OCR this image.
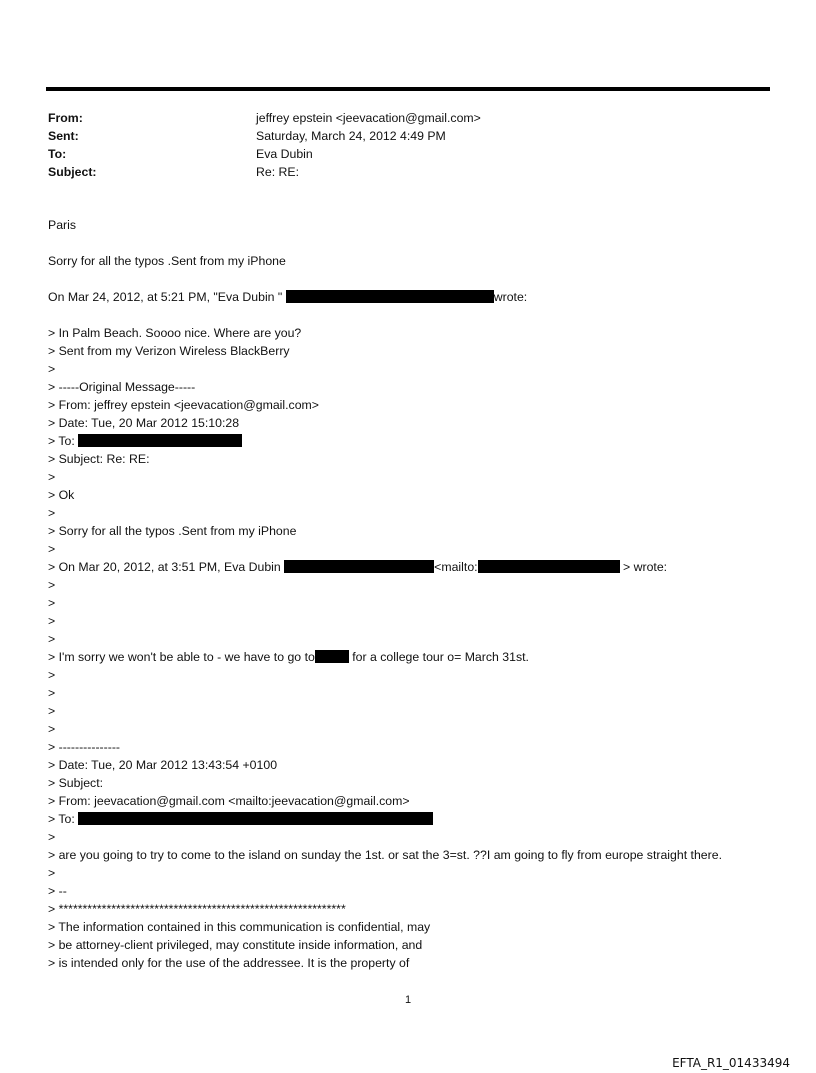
From:	jeffrey epstein <jeevacation@gmail.com>
Sent:	Saturday, March 24, 2012 4:49 PM
To:	Eva Dubin
Subject:	Re: RE:
Paris
Sorry for all the typos .Sent from my iPhone
On Mar 24, 2012, at 5:21 PM, "Eva Dubin "	wrote:
> In Palm Beach. Soooo nice. Where are you?
> Sent from my Verizon Wireless BlackBerry
>
> -----Original Message-----
> From: jeffrey epstein <jeevacation@gmail.com>
> Date: Tue, 20 Mar 2012 15:10:28
> To:
> Subject: Re: RE:
>
> Ok
>
> Sorry for all the typos .Sent from my iPhone
>
> On Mar 20, 2012, at 3:51 PM, Eva Dubin	<mailto:	> wrote:
>
>
>
>
> I'm sorry we won't be able to - we have to go to	for a college tour o= March 31st.
>
>
>
>
> ---------------
> Date: Tue, 20 Mar 2012 13:43:54 +0100
> Subject:
> From: jeevacation@gmail.com <mailto:jeevacation@gmail.com>
> To:
>
> are you going to try to come to the island on sunday the 1st. or sat the 3=st. ??I am going to fly from europe straight there.
>
> --
> ************************************************************
> The information contained in this communication is confidential, may
> be attorney-client privileged, may constitute inside information, and
> is intended only for the use of the addressee. It is the property of
1
EFTA_R1_01433494
